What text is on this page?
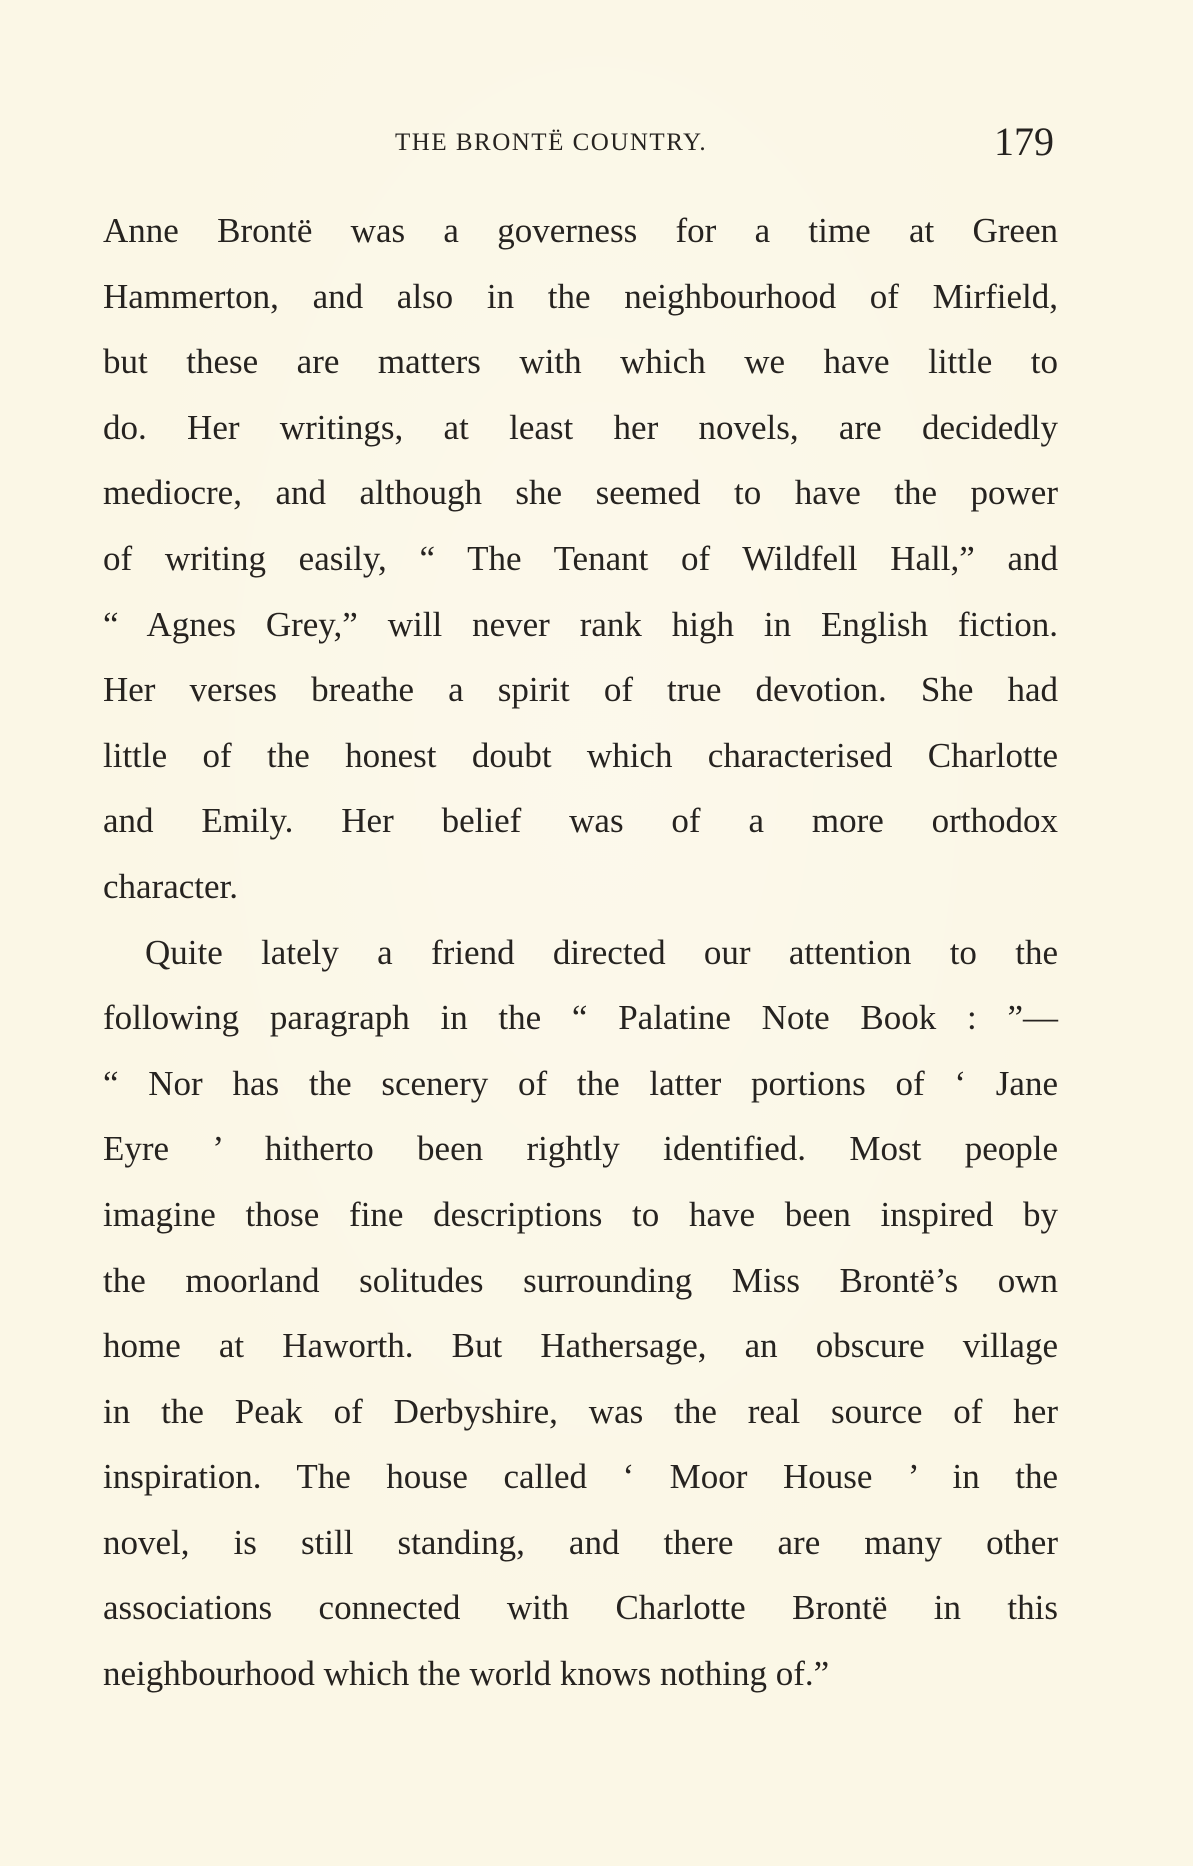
THE BRONTË COUNTRY.	179
Anne Brontë was a governess for a time at Green
Hammerton, and also in the neighbourhood of Mirfield,
but these are matters with which we have little to
do. Her writings, at least her novels, are decidedly
mediocre, and although she seemed to have the power
of writing easily, “ The Tenant of Wildfell Hall,” and
“ Agnes Grey,” will never rank high in English fiction.
Her verses breathe a spirit of true devotion. She had
little of the honest doubt which characterised Charlotte
and Emily. Her belief was of a more orthodox
character.
Quite lately a friend directed our attention to the
following paragraph in the “ Palatine Note Book : ”—
“ Nor has the scenery of the latter portions of ‘ Jane
Eyre ’ hitherto been rightly identified. Most people
imagine those fine descriptions to have been inspired by
the moorland solitudes surrounding Miss Brontë’s own
home at Haworth. But Hathersage, an obscure village
in the Peak of Derbyshire, was the real source of her
inspiration. The house called ‘ Moor House ’ in the
novel, is still standing, and there are many other
associations connected with Charlotte Brontë in this
neighbourhood which the world knows nothing of.”
